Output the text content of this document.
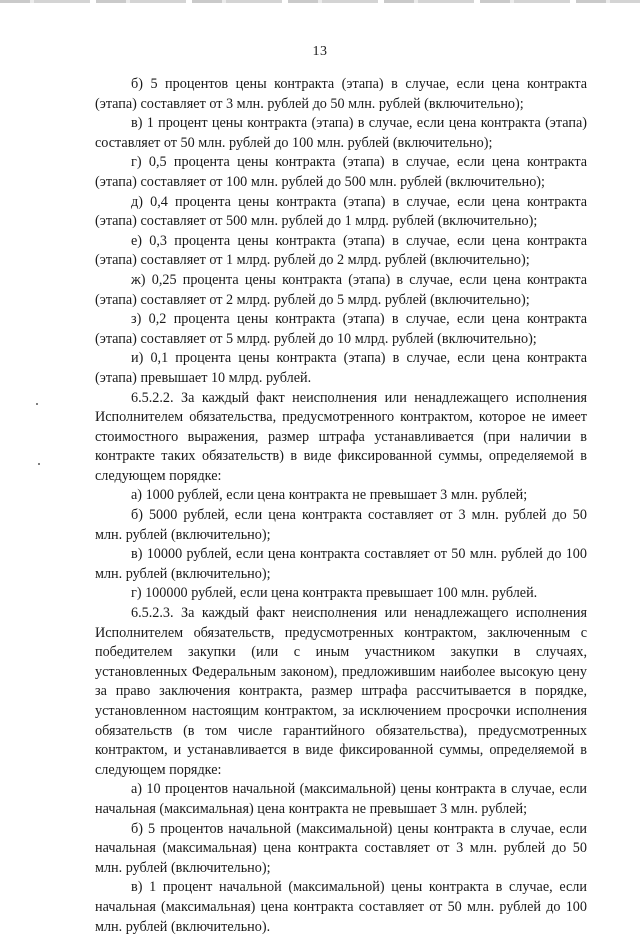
13

б) 5 процентов цены контракта (этапа) в случае, если цена контракта (этапа) составляет от 3 млн. рублей до 50 млн. рублей (включительно);

в) 1 процент цены контракта (этапа) в случае, если цена контракта (этапа) составляет от 50 млн. рублей до 100 млн. рублей (включительно);

г) 0,5 процента цены контракта (этапа) в случае, если цена контракта (этапа) составляет от 100 млн. рублей до 500 млн. рублей (включительно);

д) 0,4 процента цены контракта (этапа) в случае, если цена контракта (этапа) составляет от 500 млн. рублей до 1 млрд. рублей (включительно);

е) 0,3 процента цены контракта (этапа) в случае, если цена контракта (этапа) составляет от 1 млрд. рублей до 2 млрд. рублей (включительно);

ж) 0,25 процента цены контракта (этапа) в случае, если цена контракта (этапа) составляет от 2 млрд. рублей до 5 млрд. рублей (включительно);

з) 0,2 процента цены контракта (этапа) в случае, если цена контракта (этапа) составляет от 5 млрд. рублей до 10 млрд. рублей (включительно);

и) 0,1 процента цены контракта (этапа) в случае, если цена контракта (этапа) превышает 10 млрд. рублей.

6.5.2.2. За каждый факт неисполнения или ненадлежащего исполнения Исполнителем обязательства, предусмотренного контрактом, которое не имеет стоимостного выражения, размер штрафа устанавливается (при наличии в контракте таких обязательств) в виде фиксированной суммы, определяемой в следующем порядке:

а) 1000 рублей, если цена контракта не превышает 3 млн. рублей;

б) 5000 рублей, если цена контракта составляет от 3 млн. рублей до 50 млн. рублей (включительно);

в) 10000 рублей, если цена контракта составляет от 50 млн. рублей до 100 млн. рублей (включительно);

г) 100000 рублей, если цена контракта превышает 100 млн. рублей.

6.5.2.3. За каждый факт неисполнения или ненадлежащего исполнения Исполнителем обязательств, предусмотренных контрактом, заключенным с победителем закупки (или с иным участником закупки в случаях, установленных Федеральным законом), предложившим наиболее высокую цену за право заключения контракта, размер штрафа рассчитывается в порядке, установленном настоящим контрактом, за исключением просрочки исполнения обязательств (в том числе гарантийного обязательства), предусмотренных контрактом, и устанавливается в виде фиксированной суммы, определяемой в следующем порядке:

а) 10 процентов начальной (максимальной) цены контракта в случае, если начальная (максимальная) цена контракта не превышает 3 млн. рублей;

б) 5 процентов начальной (максимальной) цены контракта в случае, если начальная (максимальная) цена контракта составляет от 3 млн. рублей до 50 млн. рублей (включительно);

в) 1 процент начальной (максимальной) цены контракта в случае, если начальная (максимальная) цена контракта составляет от 50 млн. рублей до 100 млн. рублей (включительно).
